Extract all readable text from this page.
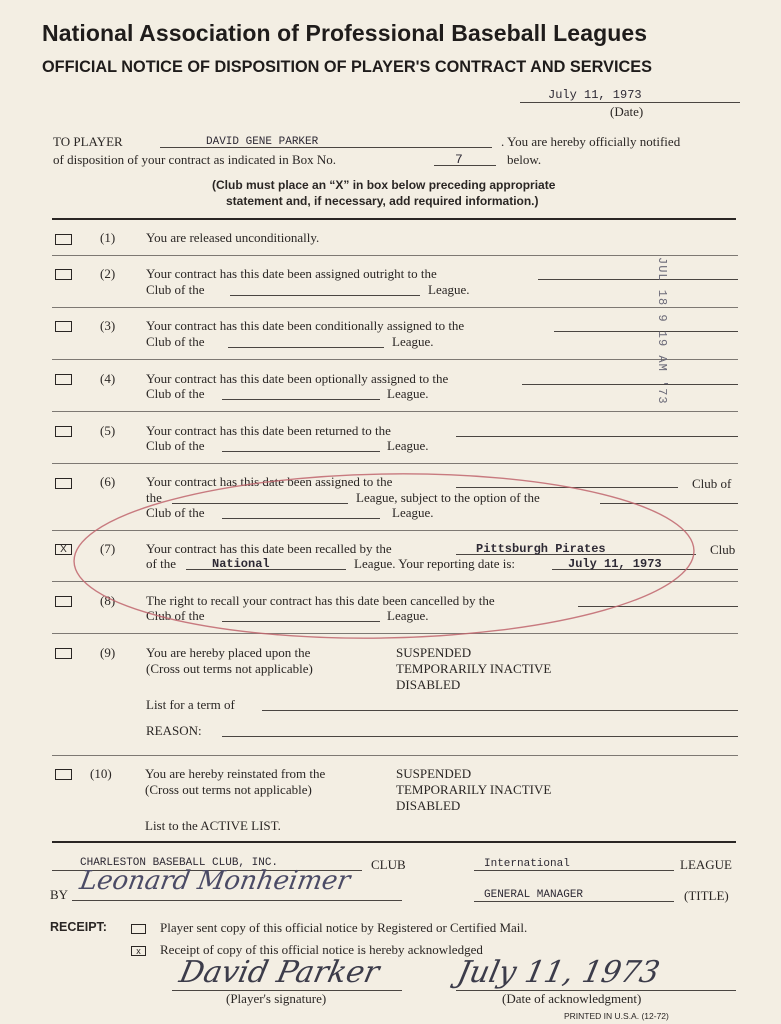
National Association of Professional Baseball Leagues
OFFICIAL NOTICE OF DISPOSITION OF PLAYER'S CONTRACT AND SERVICES
July 11, 1973
(Date)
TO PLAYER	DAVID GENE PARKER	. You are hereby officially notified
of disposition of your contract as indicated in Box No.	7	below.
(Club must place an “X” in box below preceding appropriate
statement and, if necessary, add required information.)
(1) You are released unconditionally.
(2) Your contract has this date been assigned outright to the
Club of the	League.
(3) Your contract has this date been conditionally assigned to the
Club of the	League.
(4) Your contract has this date been optionally assigned to the
Club of the	League.
(5) Your contract has this date been returned to the
Club of the	League.
(6) Your contract has this date been assigned to the	Club of
the	League, subject to the option of the
Club of the	League.
X	(7) Your contract has this date been recalled by the	Pittsburgh Pirates	Club
of the	National	League. Your reporting date is:	July 11, 1973
(8) The right to recall your contract has this date been cancelled by the
Club of the	League.
(9) You are hereby placed upon the
(Cross out terms not applicable)
SUSPENDED
TEMPORARILY INACTIVE
DISABLED
List for a term of
REASON:
(10)	You are hereby reinstated from the
(Cross out terms not applicable)
SUSPENDED
TEMPORARILY INACTIVE
DISABLED
List to the ACTIVE LIST.
CHARLESTON BASEBALL CLUB, INC.	CLUB	International	LEAGUE
BY Leonard Monheimer	GENERAL MANAGER	(TITLE)
RECEIPT:	Player sent copy of this official notice by Registered or Certified Mail.
x	Receipt of copy of this official notice is hereby acknowledged
David Parker
(Player's signature)
July 11, 1973
(Date of acknowledgment)
PRINTED IN U.S.A. (12-72)
JUL 18 9 19 AM '73
